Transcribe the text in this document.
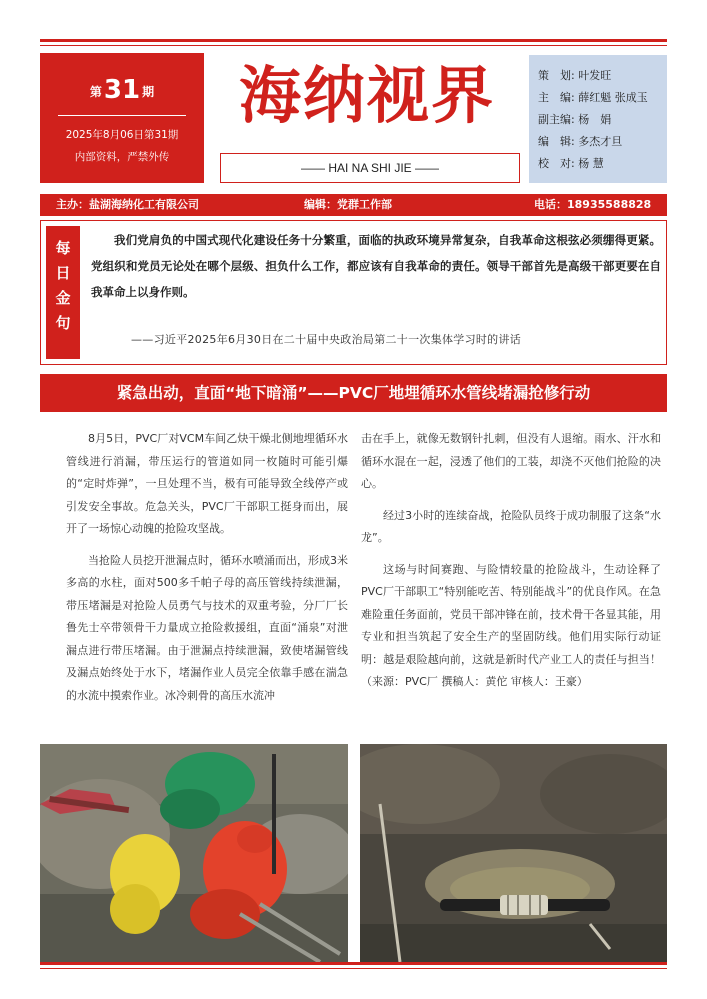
第31 期
2025年8月06日第31期
内部资料，严禁外传
海纳视界
—— HAI NA SHI JIE ——
策　划: 叶发旺
主　编: 薛红魁 张成玉
副主编: 杨　娟
编　辑: 多杰才旦
校　对: 杨 慧
主办：盐湖海纳化工有限公司	编辑：党群工作部	电话：18935588828
每
日
金
句
我们党肩负的中国式现代化建设任务十分繁重，面临的执政环境异常复杂，自我革命这根弦必须绷得更紧。党组织和党员无论处在哪个层级、担负什么工作，都应该有自我革命的责任。领导干部首先是高级干部更要在自我革命上以身作则。
——习近平2025年6月30日在二十届中央政治局第二十一次集体学习时的讲话
紧急出动，直面“地下暗涌”——PVC厂地埋循环水管线堵漏抢修行动

8月5日，PVC厂对VCM车间乙炔干燥北侧地埋循环水管线进行消漏，带压运行的管道如同一枚随时可能引爆的“定时炸弹”，一旦处理不当，极有可能导致全线停产或引发安全事故。危急关头，PVC厂干部职工挺身而出，展开了一场惊心动魄的抢险攻坚战。

当抢险人员挖开泄漏点时，循环水喷涌而出，形成3米多高的水柱，面对500多千帕子母的高压管线持续泄漏，带压堵漏是对抢险人员勇气与技术的双重考验，分厂厂长鲁先士卒带领骨干力量成立抢险救援组，直面“涌泉”对泄漏点进行带压堵漏。由于泄漏点持续泄漏，致使堵漏管线及漏点始终处于水下，堵漏作业人员完全依靠手感在湍急的水流中摸索作业。冰冷刺骨的高压水流冲

击在手上，就像无数钢针扎刺，但没有人退缩。雨水、汗水和循环水混在一起，浸透了他们的工装，却浇不灭他们抢险的决心。

经过3小时的连续奋战，抢险队员终于成功制服了这条“水龙”。

这场与时间赛跑、与险情较量的抢险战斗，生动诠释了PVC厂干部职工“特别能吃苦、特别能战斗”的优良作风。在急难险重任务面前，党员干部冲锋在前，技术骨干各显其能，用专业和担当筑起了安全生产的坚固防线。他们用实际行动证明：越是艰险越向前，这就是新时代产业工人的责任与担当！（来源：PVC厂 撰稿人：黄佗 审核人：王豪）
